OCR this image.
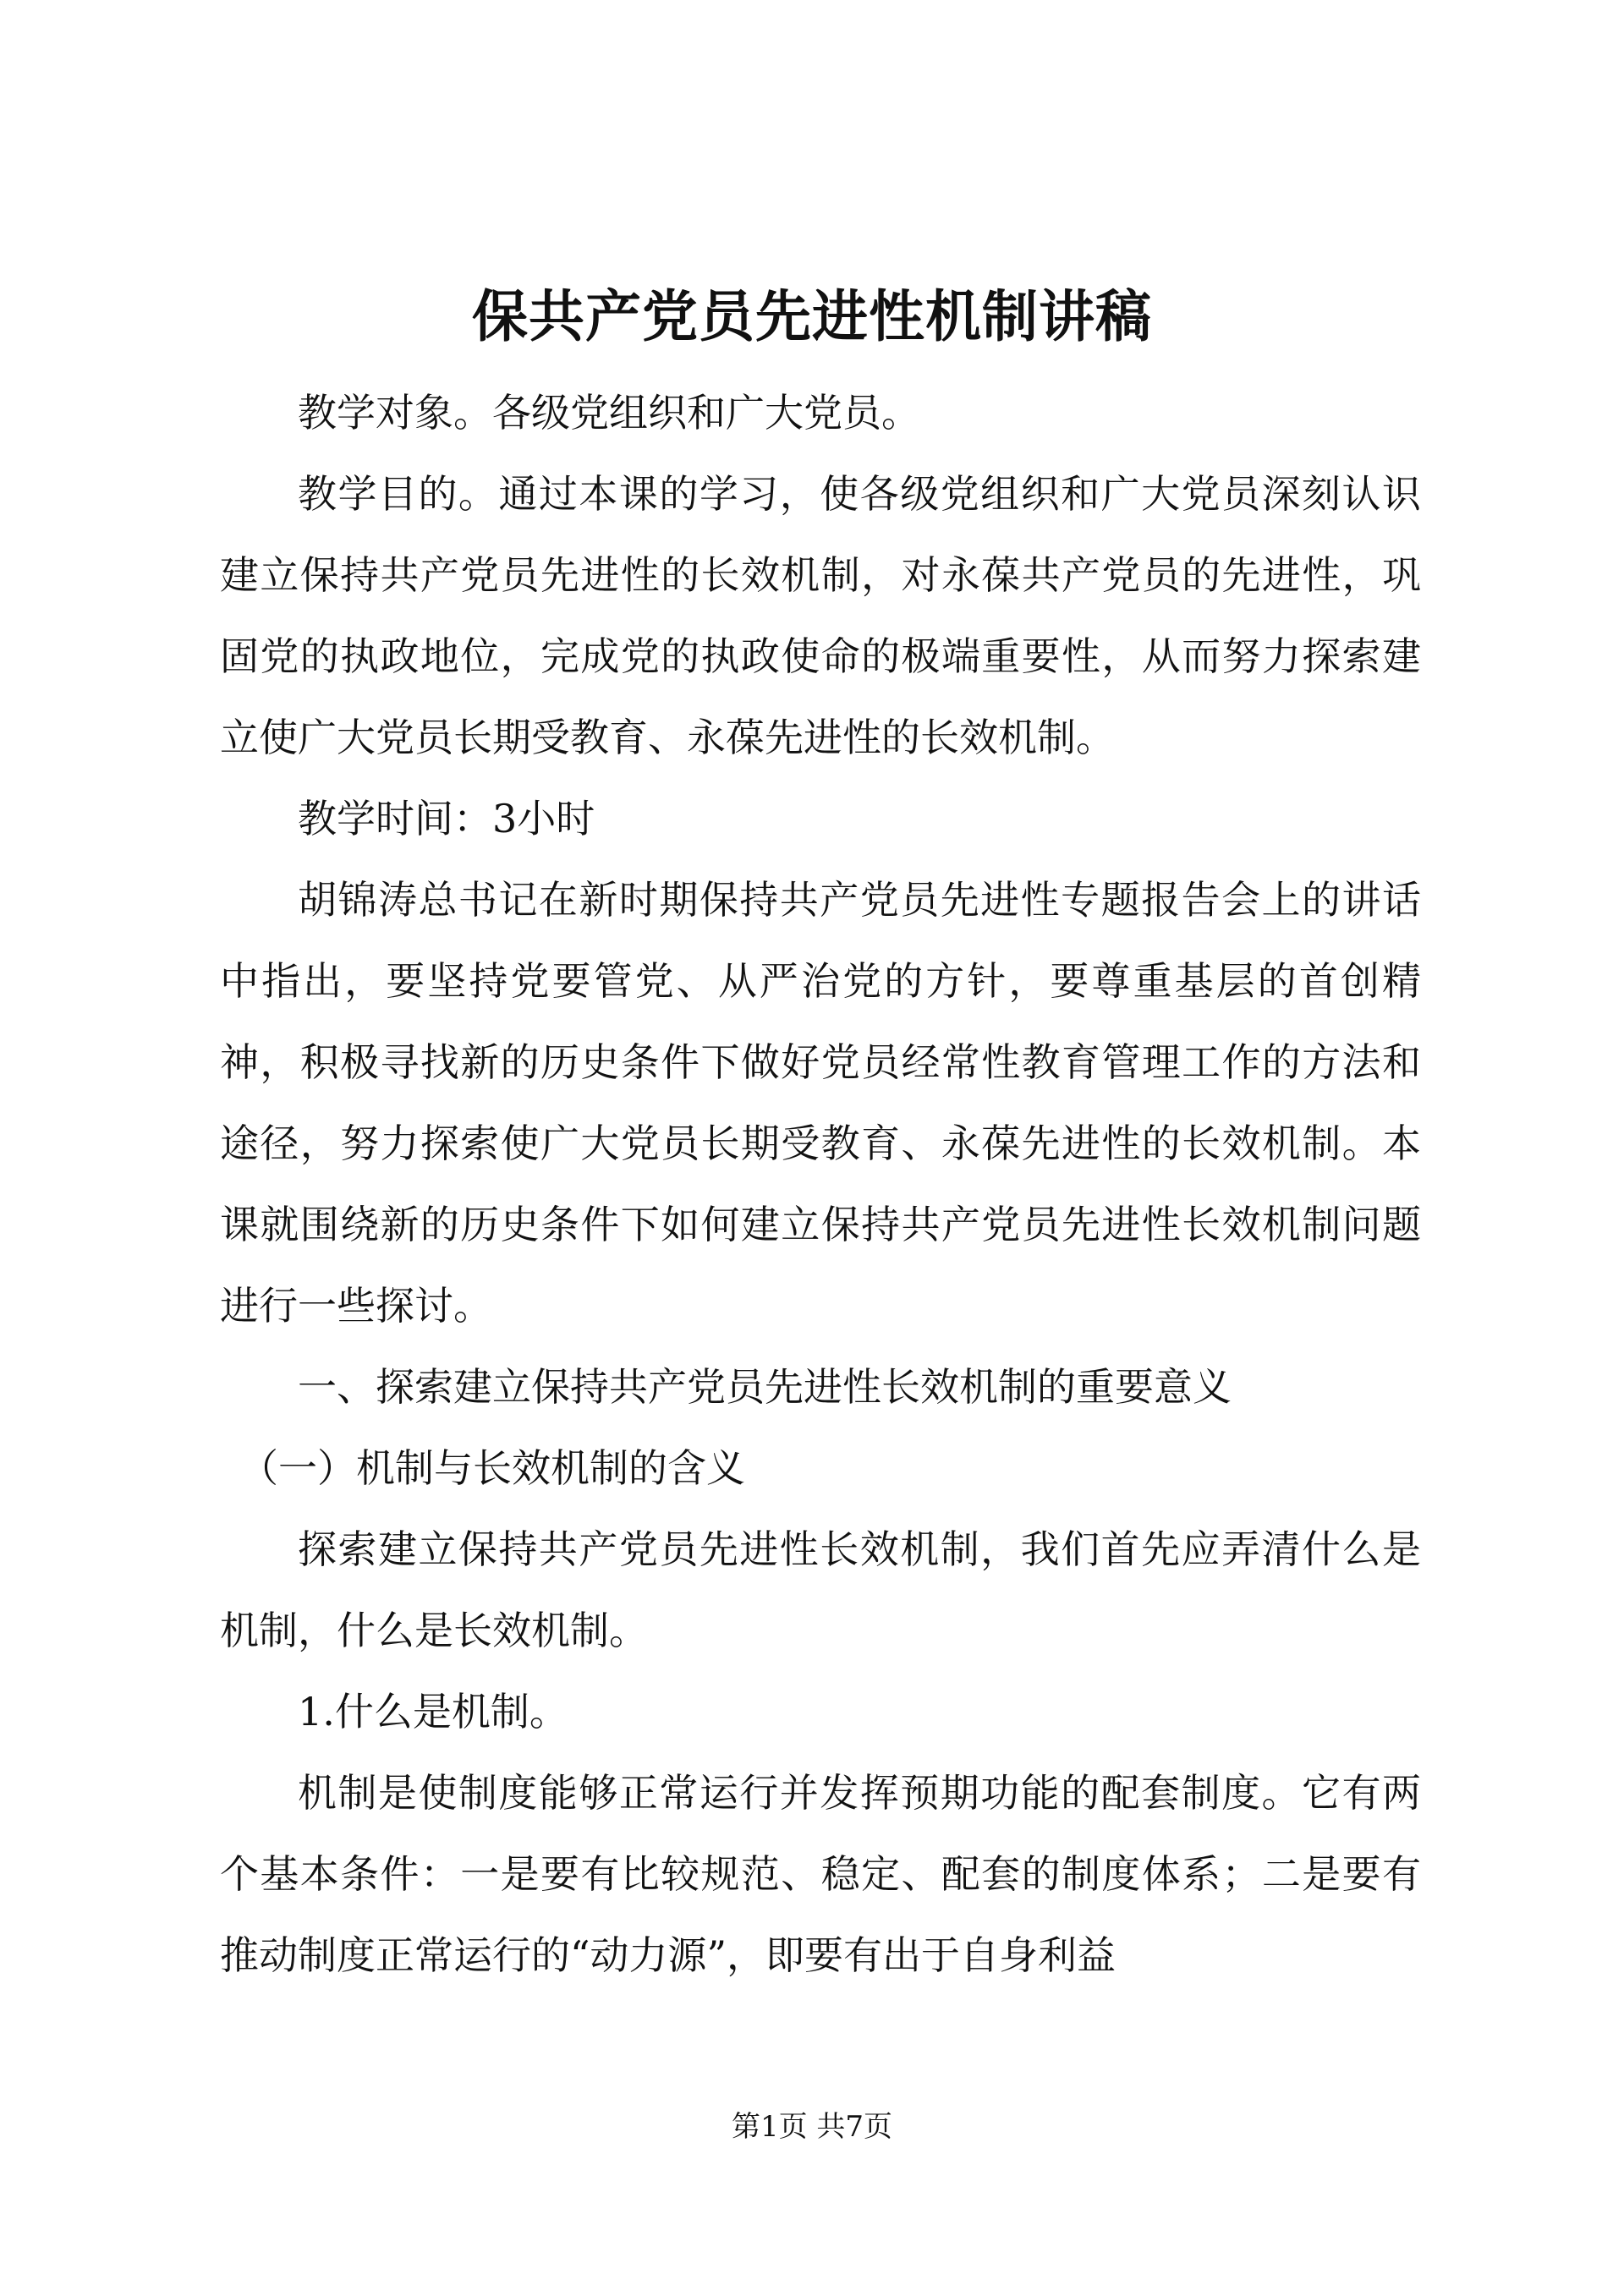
保共产党员先进性机制讲稿

教学对象。各级党组织和广大党员。

教学目的。通过本课的学习，使各级党组织和广大党员深刻认识建立保持共产党员先进性的长效机制，对永葆共产党员的先进性，巩固党的执政地位，完成党的执政使命的极端重要性，从而努力探索建立使广大党员长期受教育、永葆先进性的长效机制。

教学时间：3小时

胡锦涛总书记在新时期保持共产党员先进性专题报告会上的讲话中指出，要坚持党要管党、从严治党的方针，要尊重基层的首创精神，积极寻找新的历史条件下做好党员经常性教育管理工作的方法和途径，努力探索使广大党员长期受教育、永葆先进性的长效机制。本课就围绕新的历史条件下如何建立保持共产党员先进性长效机制问题进行一些探讨。

一、探索建立保持共产党员先进性长效机制的重要意义

（一）机制与长效机制的含义

探索建立保持共产党员先进性长效机制，我们首先应弄清什么是机制，什么是长效机制。

1.什么是机制。

机制是使制度能够正常运行并发挥预期功能的配套制度。它有两个基本条件：一是要有比较规范、稳定、配套的制度体系；二是要有推动制度正常运行的“动力源”，即要有出于自身利益

第1页 共7页
